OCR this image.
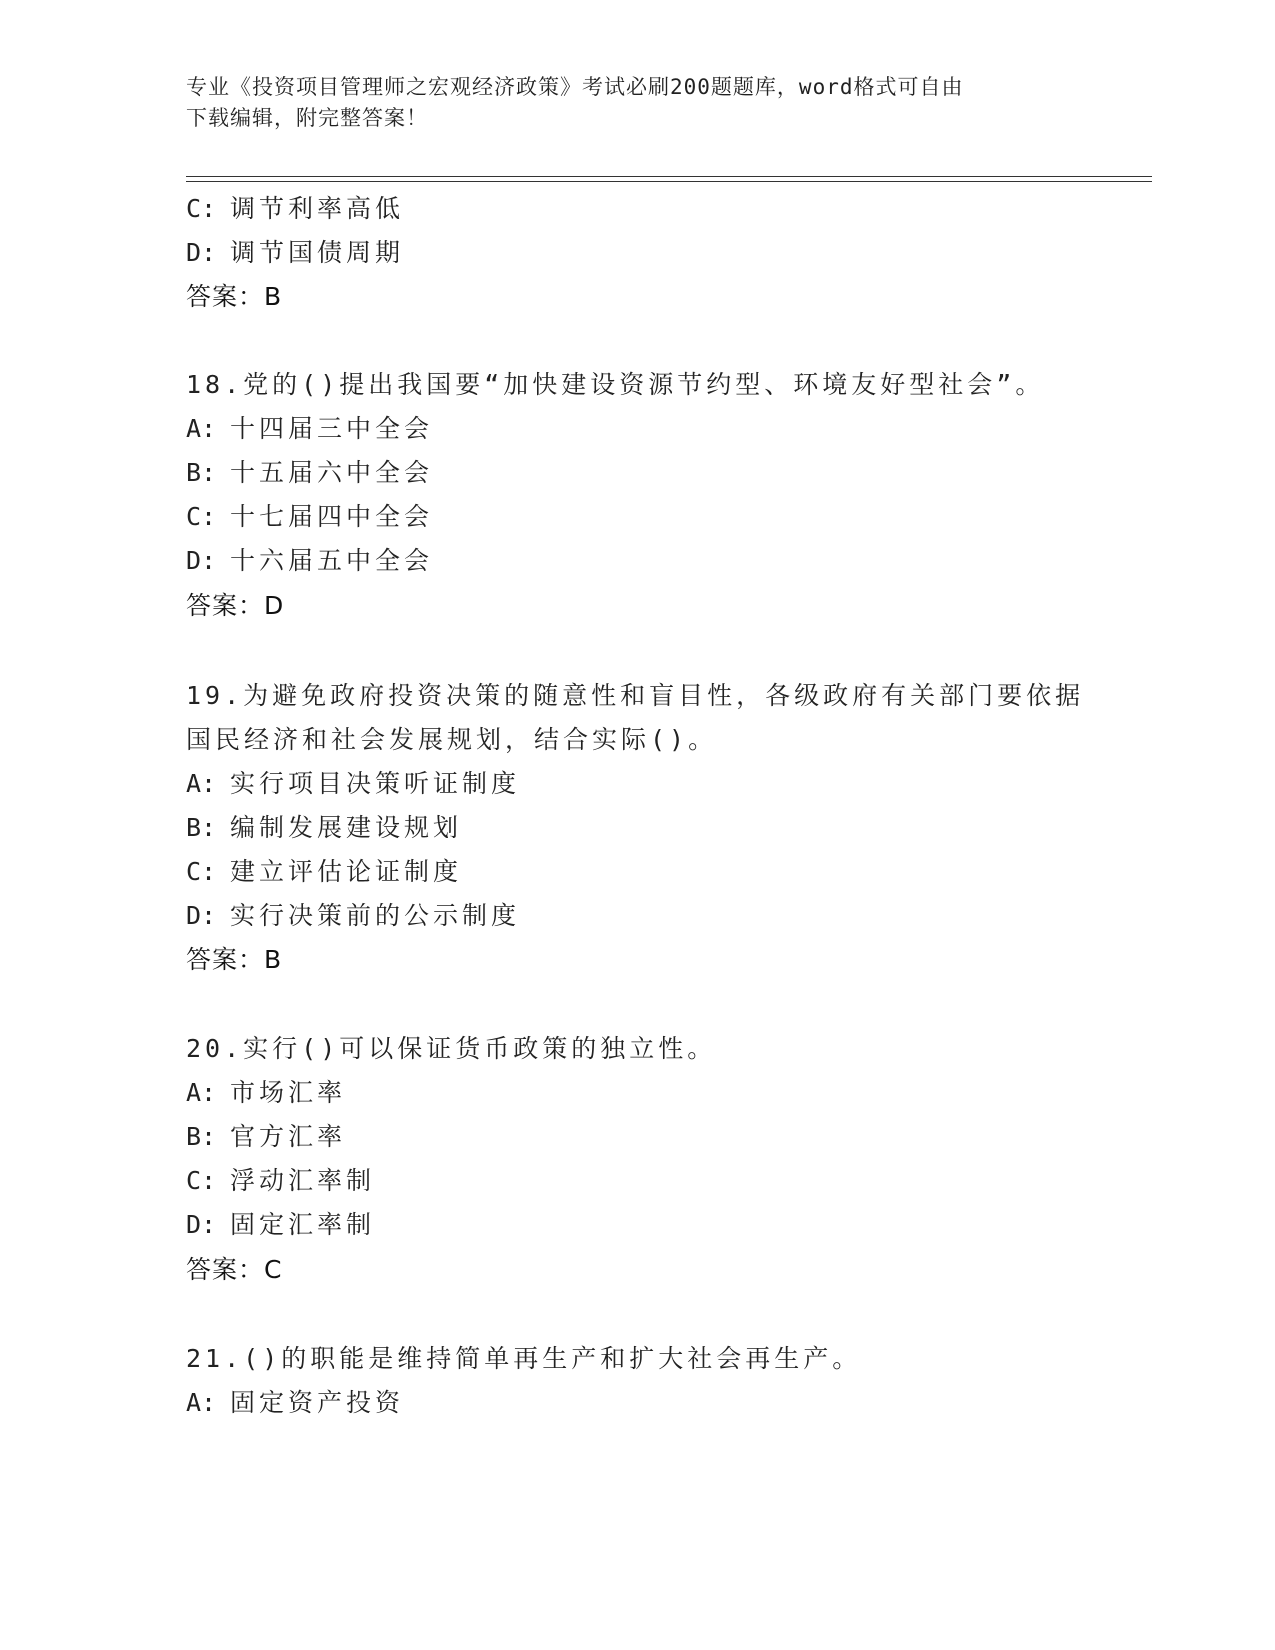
专业《投资项目管理师之宏观经济政策》考试必刷200题题库，word格式可自由
下载编辑，附完整答案！
C: 调节利率高低
D: 调节国债周期
答案：B
18.党的()提出我国要“加快建设资源节约型、环境友好型社会”。
A: 十四届三中全会
B: 十五届六中全会
C: 十七届四中全会
D: 十六届五中全会
答案：D
19.为避免政府投资决策的随意性和盲目性，各级政府有关部门要依据
国民经济和社会发展规划，结合实际()。
A: 实行项目决策听证制度
B: 编制发展建设规划
C: 建立评估论证制度
D: 实行决策前的公示制度
答案：B
20.实行()可以保证货币政策的独立性。
A: 市场汇率
B: 官方汇率
C: 浮动汇率制
D: 固定汇率制
答案：C
21.()的职能是维持简单再生产和扩大社会再生产。
A: 固定资产投资
